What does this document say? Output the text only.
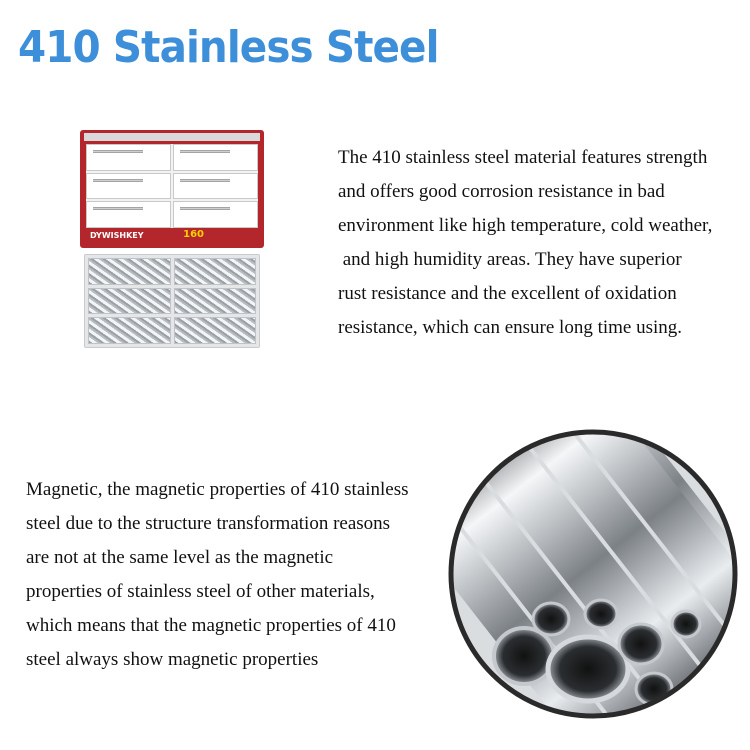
410 Stainless Steel
DYWISHKEY	160

The 410 stainless steel material features strength

and offers good corrosion resistance in bad

environment like high temperature, cold weather,

and high humidity areas. They have superior

rust resistance and the excellent of oxidation

resistance, which can ensure long time using.

Magnetic, the magnetic properties of 410 stainless

steel due to the structure transformation reasons

are not at the same level as the magnetic

properties of stainless steel of other materials,

which means that the magnetic properties of 410

steel always show magnetic properties
